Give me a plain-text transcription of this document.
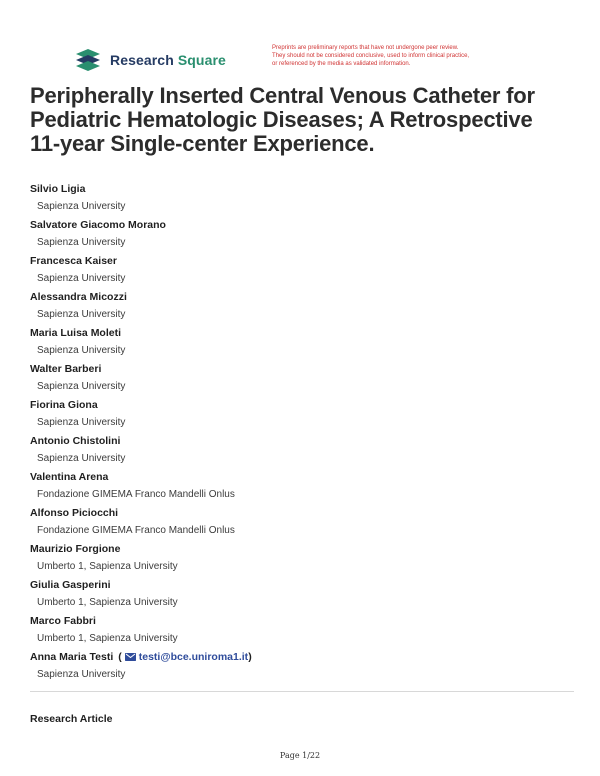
Research Square
Preprints are preliminary reports that have not undergone peer review.
They should not be considered conclusive, used to inform clinical practice,
or referenced by the media as validated information.
Peripherally Inserted Central Venous Catheter for
Pediatric Hematologic Diseases; A Retrospective
11-year Single-center Experience.
Silvio Ligia
Sapienza University
Salvatore Giacomo Morano
Sapienza University
Francesca Kaiser
Sapienza University
Alessandra Micozzi
Sapienza University
Maria Luisa Moleti
Sapienza University
Walter Barberi
Sapienza University
Fiorina Giona
Sapienza University
Antonio Chistolini
Sapienza University
Valentina Arena
Fondazione GIMEMA Franco Mandelli Onlus
Alfonso Piciocchi
Fondazione GIMEMA Franco Mandelli Onlus
Maurizio Forgione
Umberto 1, Sapienza University
Giulia Gasperini
Umberto 1, Sapienza University
Marco Fabbri
Umberto 1, Sapienza University
Anna Maria Testi ( testi@bce.uniroma1.it )
Sapienza University
Research Article
Page 1/22
